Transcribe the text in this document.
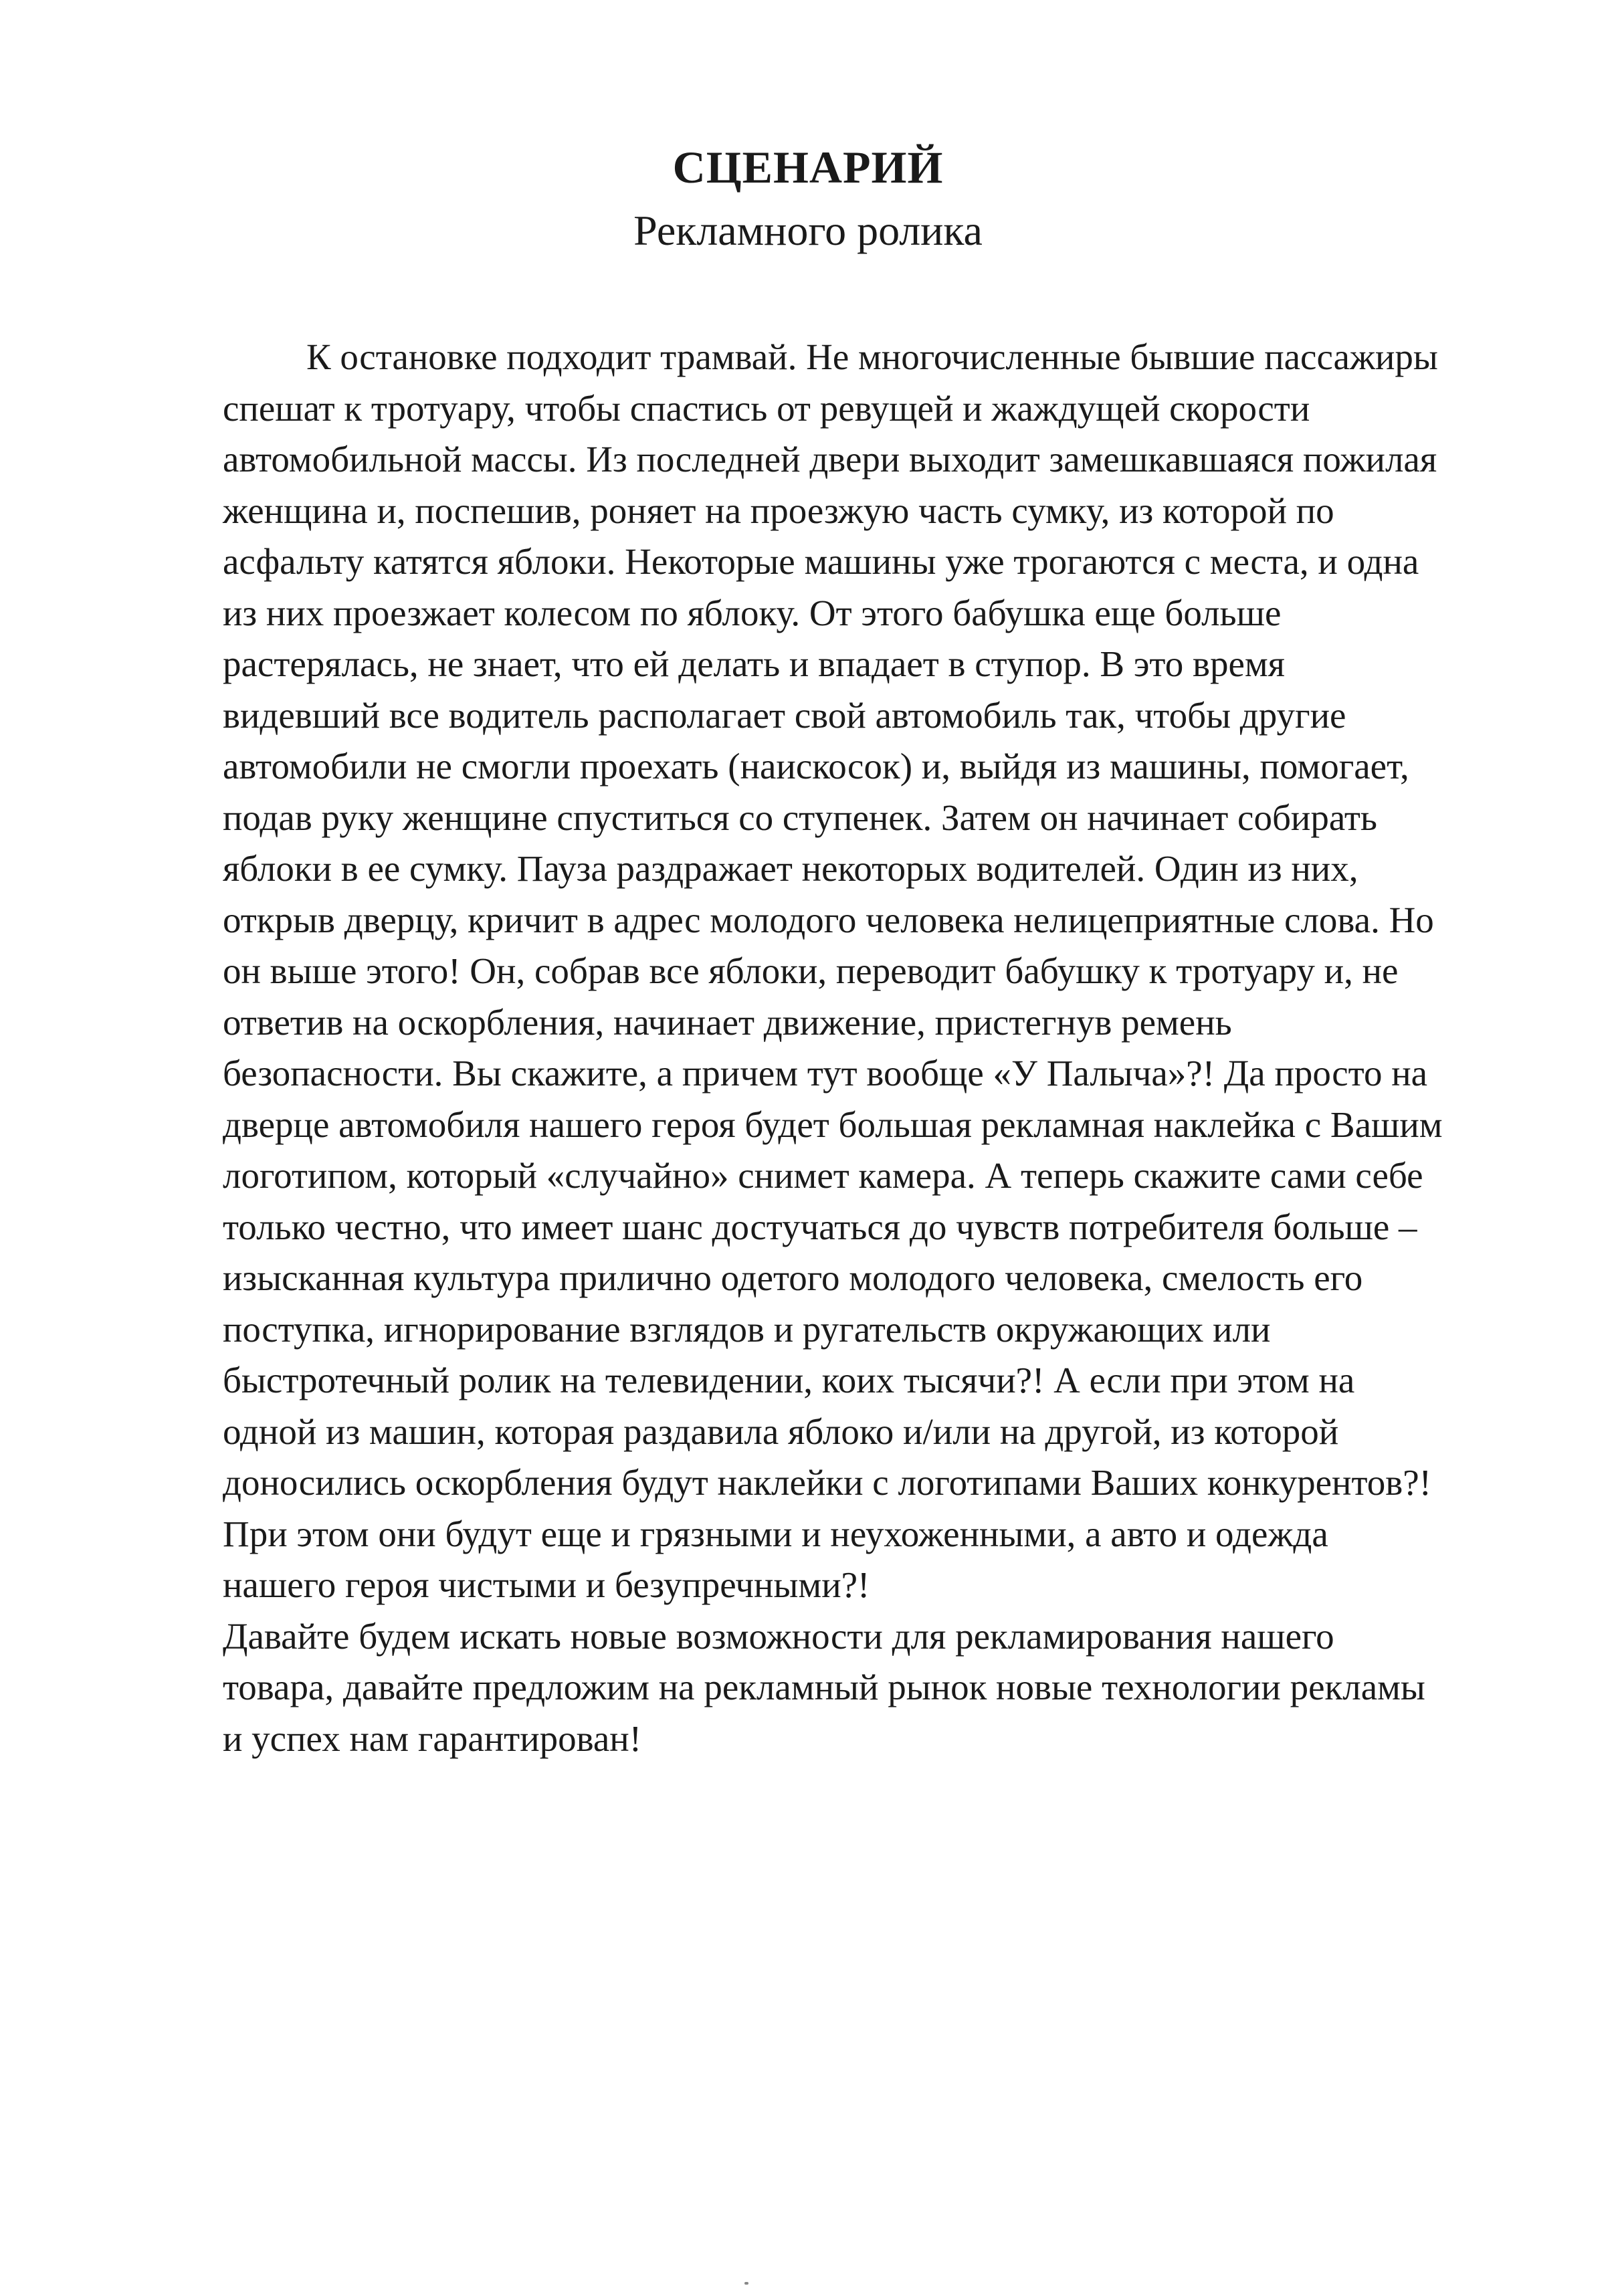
СЦЕНАРИЙ
Рекламного ролика
К остановке подходит трамвай. Не многочисленные бывшие пассажиры
спешат к тротуару, чтобы спастись от ревущей и жаждущей скорости
автомобильной массы. Из последней двери выходит замешкавшаяся пожилая
женщина и, поспешив, роняет на проезжую часть сумку, из которой по
асфальту катятся яблоки. Некоторые машины уже трогаются с места, и одна
из них проезжает колесом по яблоку. От этого бабушка еще больше
растерялась, не знает, что ей делать и впадает в ступор. В это время
видевший все водитель располагает свой автомобиль так, чтобы другие
автомобили не смогли проехать (наискосок) и, выйдя из машины, помогает,
подав руку женщине спуститься со ступенек. Затем он начинает собирать
яблоки в ее сумку. Пауза раздражает некоторых водителей. Один из них,
открыв дверцу, кричит в адрес молодого человека нелицеприятные слова. Но
он выше этого! Он, собрав все яблоки, переводит бабушку к тротуару и, не
ответив на оскорбления, начинает движение, пристегнув ремень
безопасности. Вы скажите, а причем тут вообще «У Палыча»?! Да просто на
дверце автомобиля нашего героя будет большая рекламная наклейка с Вашим
логотипом, который «случайно» снимет камера. А теперь скажите сами себе
только честно, что имеет шанс достучаться до чувств потребителя больше –
изысканная культура прилично одетого молодого человека, смелость его
поступка, игнорирование взглядов и ругательств окружающих или
быстротечный ролик на телевидении, коих тысячи?! А если при этом на
одной из машин, которая раздавила яблоко и/или на другой, из которой
доносились оскорбления будут наклейки с логотипами Ваших конкурентов?!
При этом они будут еще и грязными и неухоженными, а авто и одежда
нашего героя чистыми и безупречными?!
Давайте будем искать новые возможности для рекламирования нашего
товара, давайте предложим на рекламный рынок новые технологии рекламы
и успех нам гарантирован!
